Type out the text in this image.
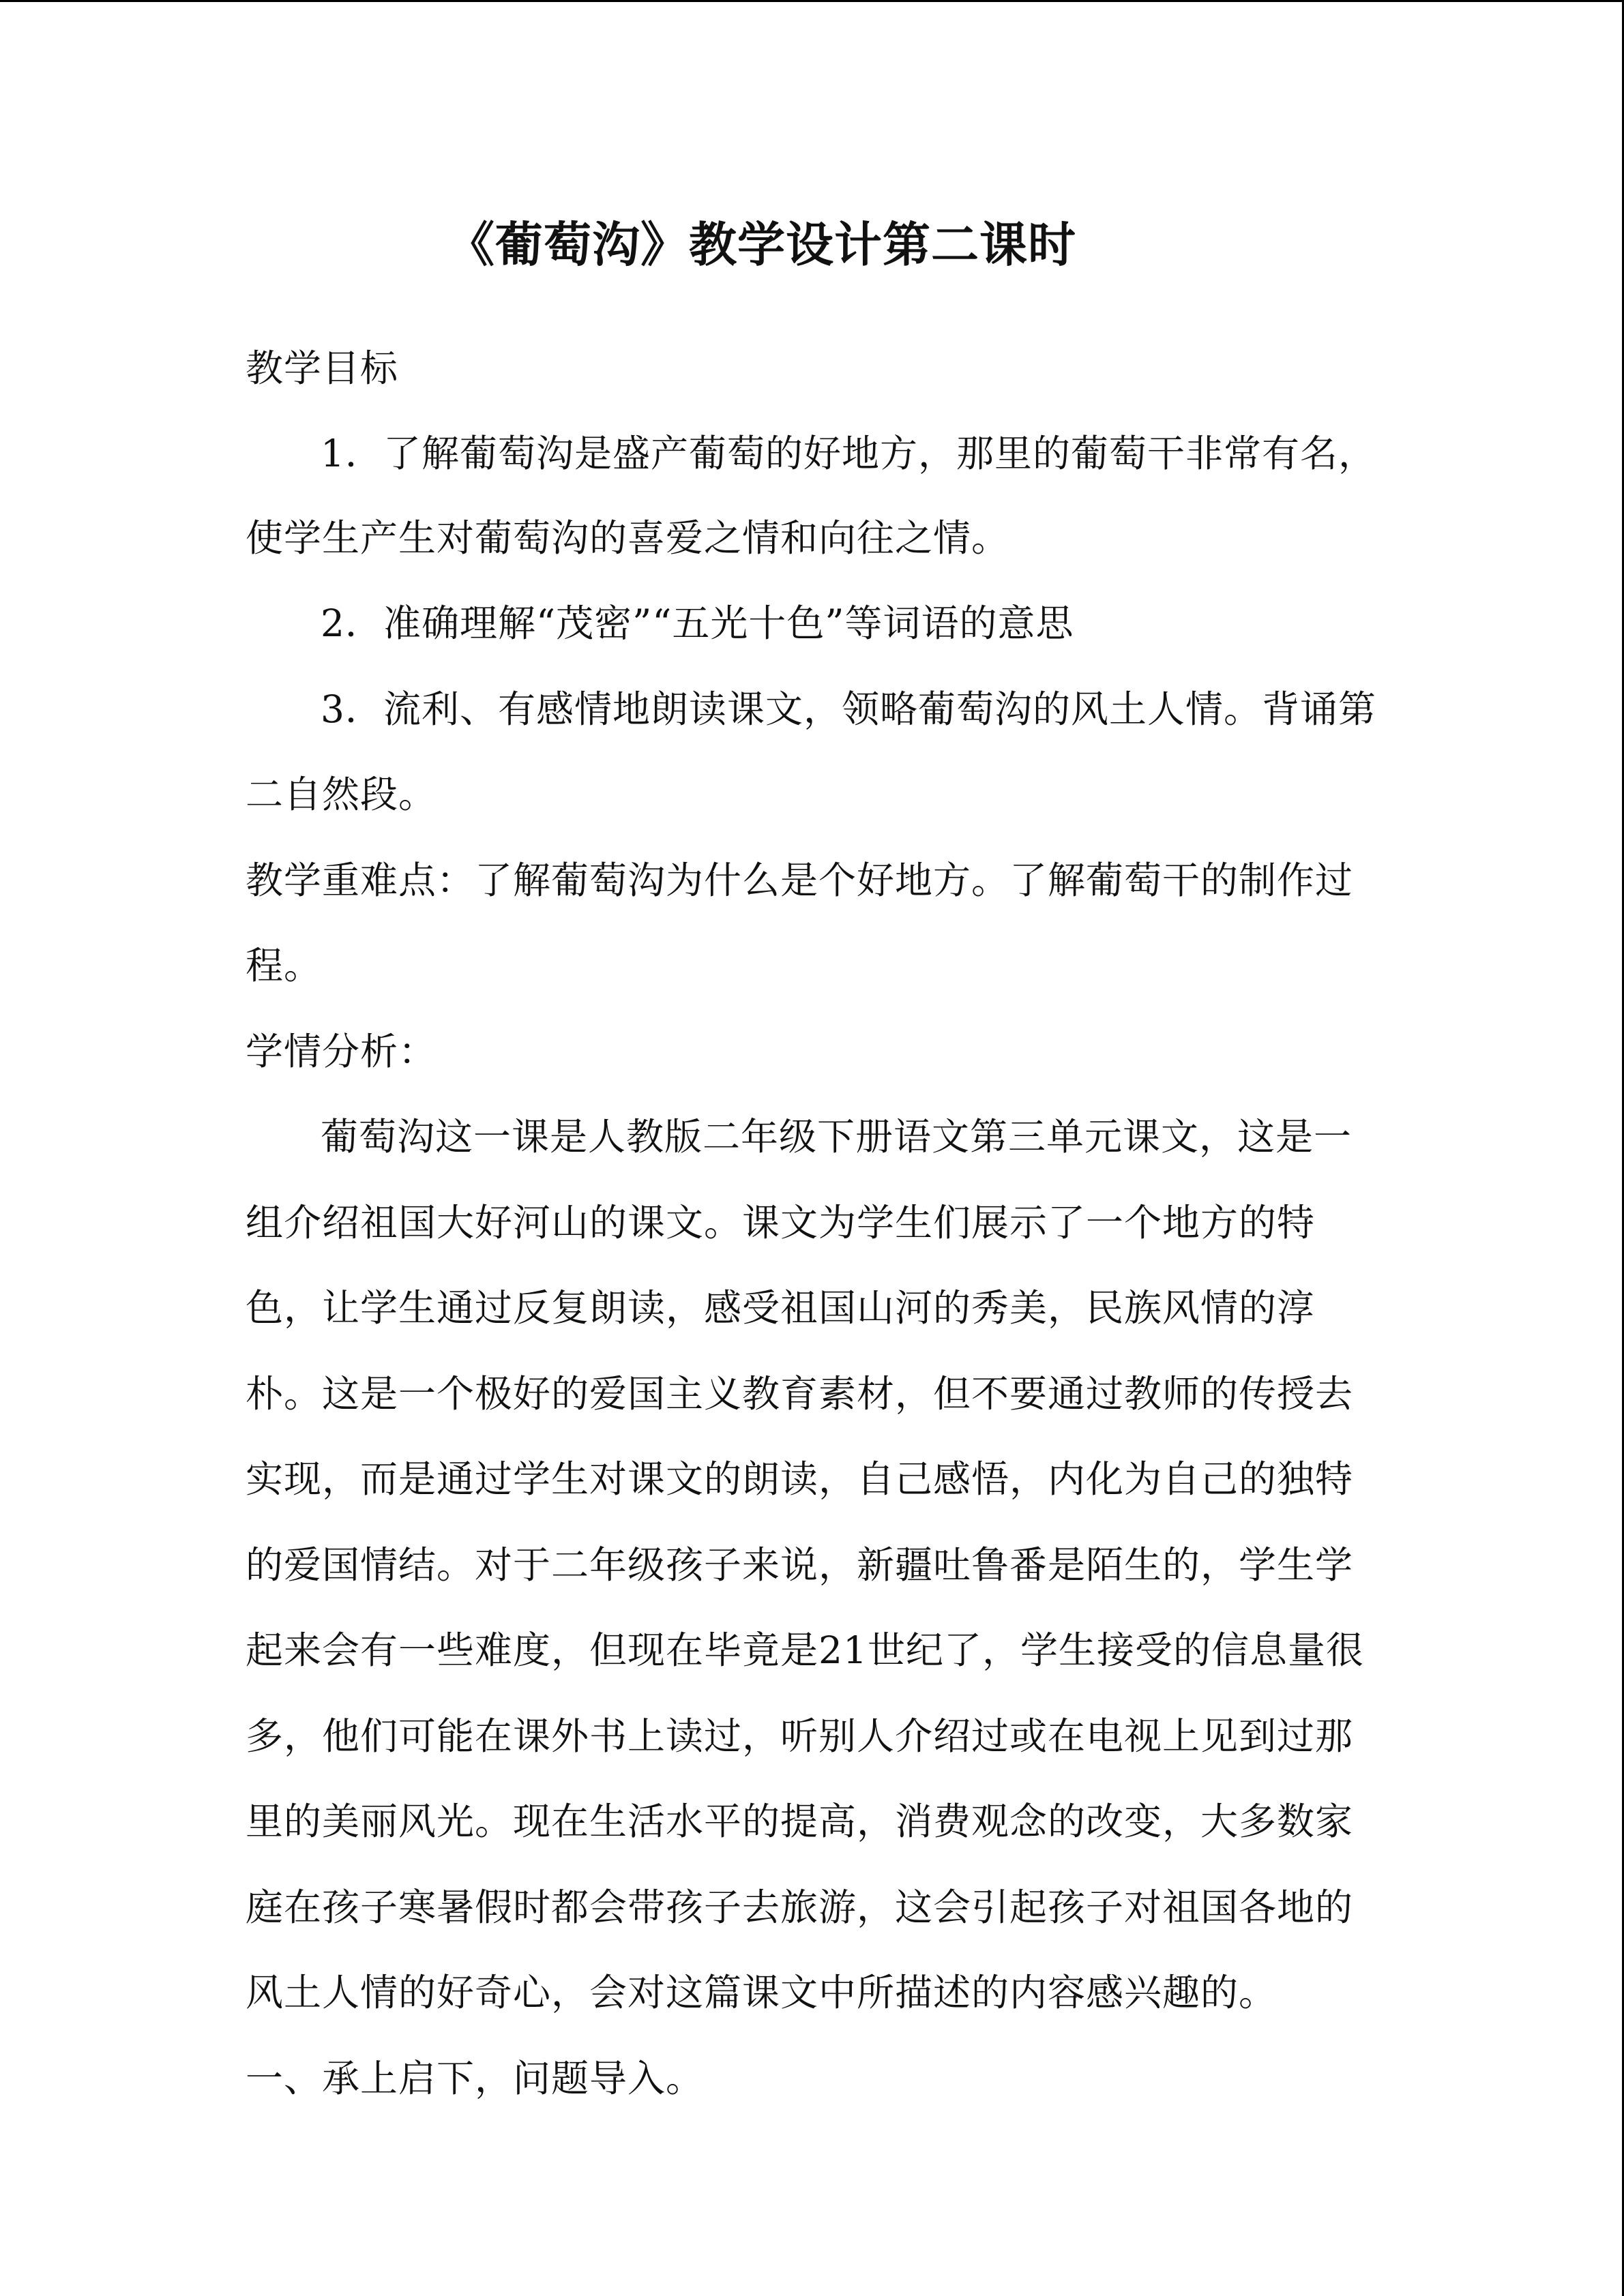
《葡萄沟》教学设计第二课时
教学目标
1．了解葡萄沟是盛产葡萄的好地方，那里的葡萄干非常有名，
使学生产生对葡萄沟的喜爱之情和向往之情。
2．准确理解“茂密”“五光十色”等词语的意思
3．流利、有感情地朗读课文，领略葡萄沟的风土人情。背诵第
二自然段。
教学重难点：了解葡萄沟为什么是个好地方。了解葡萄干的制作过
程。
学情分析：
葡萄沟这一课是人教版二年级下册语文第三单元课文，这是一
组介绍祖国大好河山的课文。课文为学生们展示了一个地方的特
色，让学生通过反复朗读，感受祖国山河的秀美，民族风情的淳
朴。这是一个极好的爱国主义教育素材，但不要通过教师的传授去
实现，而是通过学生对课文的朗读，自己感悟，内化为自己的独特
的爱国情结。对于二年级孩子来说，新疆吐鲁番是陌生的，学生学
起来会有一些难度，但现在毕竟是21世纪了，学生接受的信息量很
多，他们可能在课外书上读过，听别人介绍过或在电视上见到过那
里的美丽风光。现在生活水平的提高，消费观念的改变，大多数家
庭在孩子寒暑假时都会带孩子去旅游，这会引起孩子对祖国各地的
风土人情的好奇心，会对这篇课文中所描述的内容感兴趣的。
一、承上启下，问题导入。
